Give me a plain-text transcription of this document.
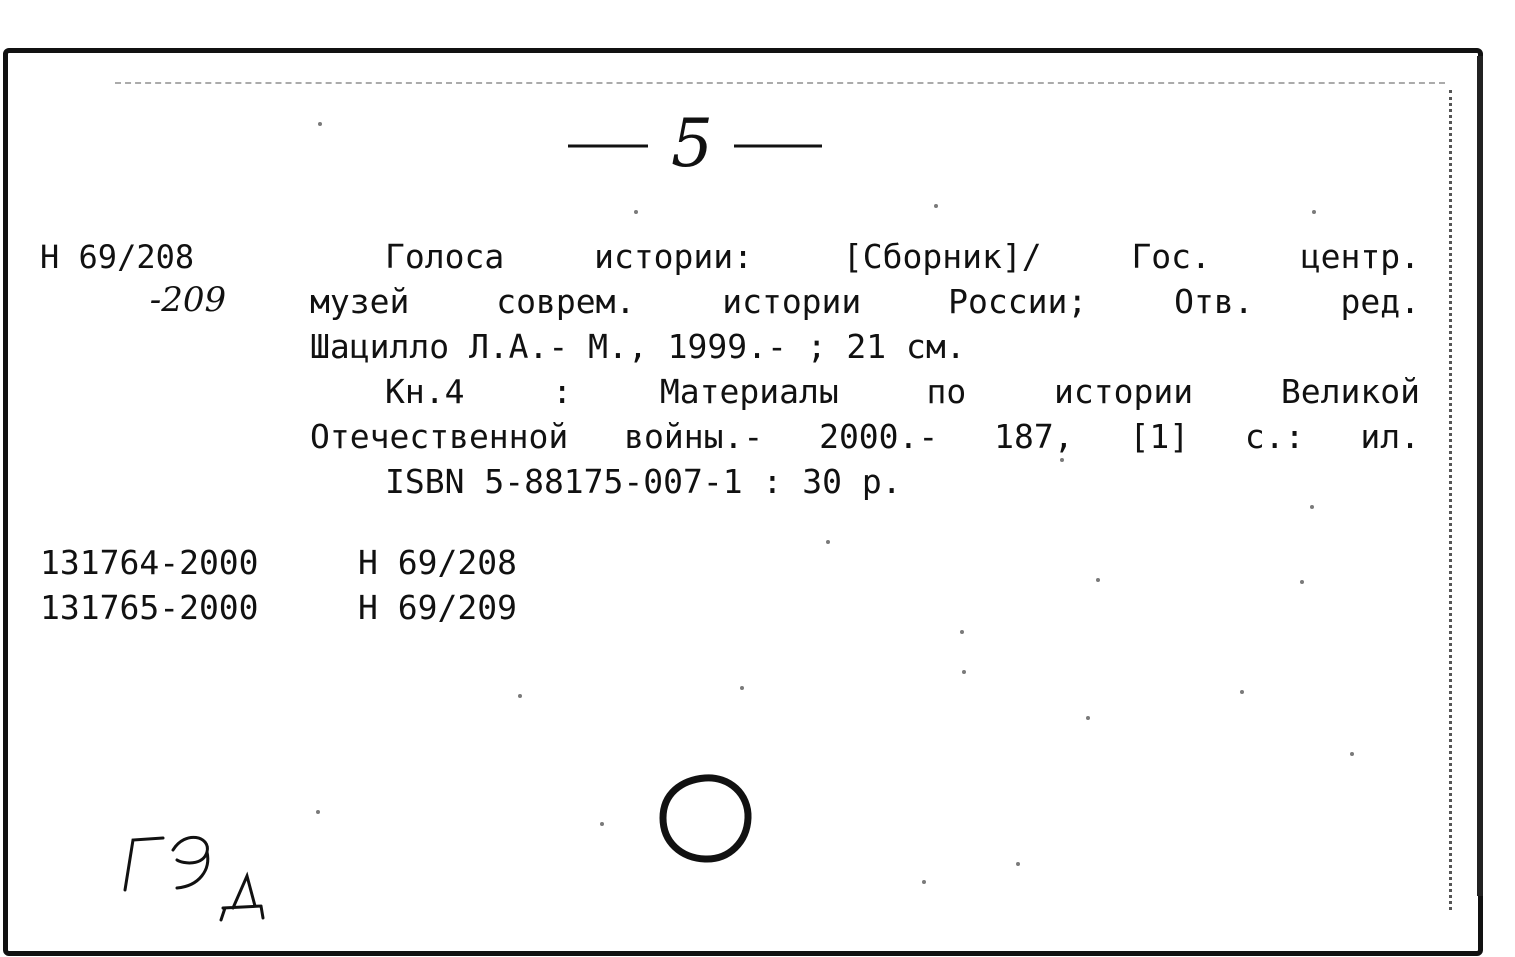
5
Н 69/208
-209
Голоса истории: [Сборник]/ Гос. центр.
музей соврем. истории России; Отв. ред.
Шацилло Л.А.- М., 1999.- ; 21 см.
Кн.4 : Материалы по истории Великой
Отечественной войны.- 2000.- 187, [1] с.: ил.
ISBN 5-88175-007-1 : 30 р.
131764-2000	Н 69/208
131765-2000	Н 69/209
